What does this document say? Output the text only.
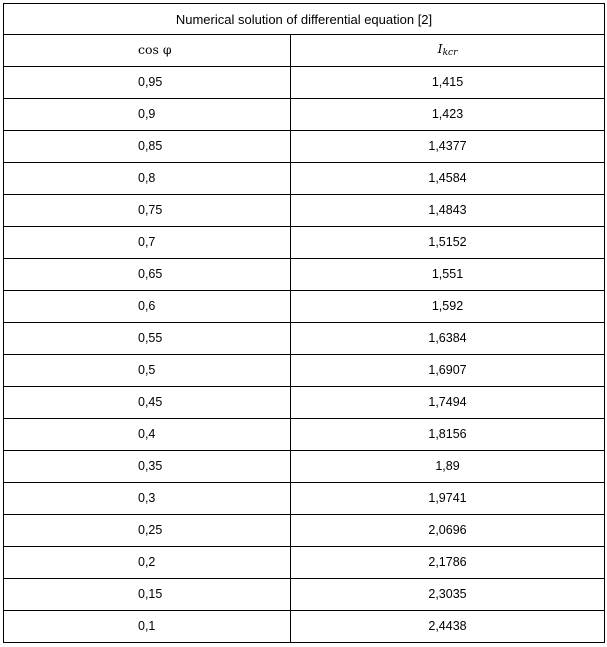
Numerical solution of differential equation [2]	
cos φ	$I_{kcr}$
0,95	1,415
0,9	1,423
0,85	1,4377
0,8	1,4584
0,75	1,4843
0,7	1,5152
0,65	1,551
0,6	1,592
0,55	1,6384
0,5	1,6907
0,45	1,7494
0,4	1,8156
0,35	1,89
0,3	1,9741
0,25	2,0696
0,2	2,1786
0,15	2,3035
0,1	2,4438
